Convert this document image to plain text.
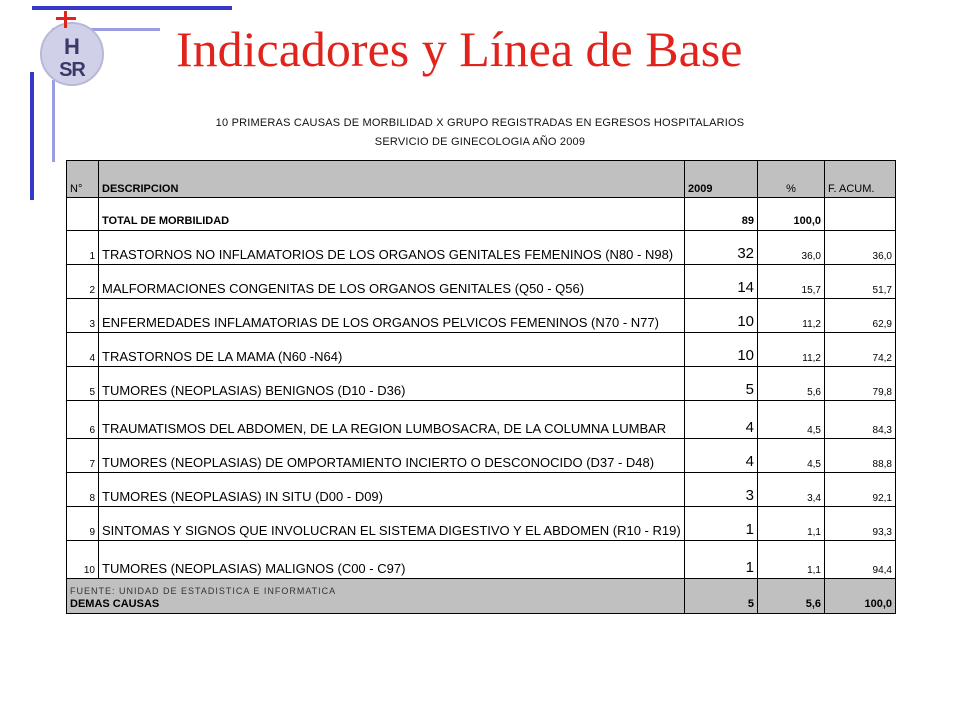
H
SR Indicadores y Línea de Base
10 PRIMERAS CAUSAS DE MORBILIDAD X GRUPO REGISTRADAS EN EGRESOS HOSPITALARIOS
SERVICIO DE GINECOLOGIA AÑO 2009
N°	DESCRIPCION	2009	%	F. ACUM.
	TOTAL DE MORBILIDAD	89	100,0	
1	TRASTORNOS NO INFLAMATORIOS DE LOS ORGANOS GENITALES FEMENINOS (N80 - N98)	32	36,0	36,0
2	MALFORMACIONES CONGENITAS DE LOS ORGANOS GENITALES (Q50 - Q56)	14	15,7	51,7
3	ENFERMEDADES INFLAMATORIAS DE LOS ORGANOS PELVICOS FEMENINOS (N70 - N77)	10	11,2	62,9
4	TRASTORNOS DE LA MAMA (N60 -N64)	10	11,2	74,2
5	TUMORES (NEOPLASIAS) BENIGNOS (D10 - D36)	5	5,6	79,8
6	TRAUMATISMOS DEL ABDOMEN, DE LA REGION LUMBOSACRA, DE LA COLUMNA LUMBAR	4	4,5	84,3
7	TUMORES (NEOPLASIAS) DE OMPORTAMIENTO INCIERTO O DESCONOCIDO (D37 - D48)	4	4,5	88,8
8	TUMORES (NEOPLASIAS) IN SITU (D00 - D09)	3	3,4	92,1
9	SINTOMAS Y SIGNOS QUE INVOLUCRAN EL SISTEMA DIGESTIVO Y EL ABDOMEN (R10 - R19)	1	1,1	93,3
10	TUMORES (NEOPLASIAS) MALIGNOS (C00 - C97)	1	1,1	94,4
DEMAS CAUSAS		5	5,6	100,0
FUENTE: UNIDAD DE ESTADISTICA E INFORMATICA
